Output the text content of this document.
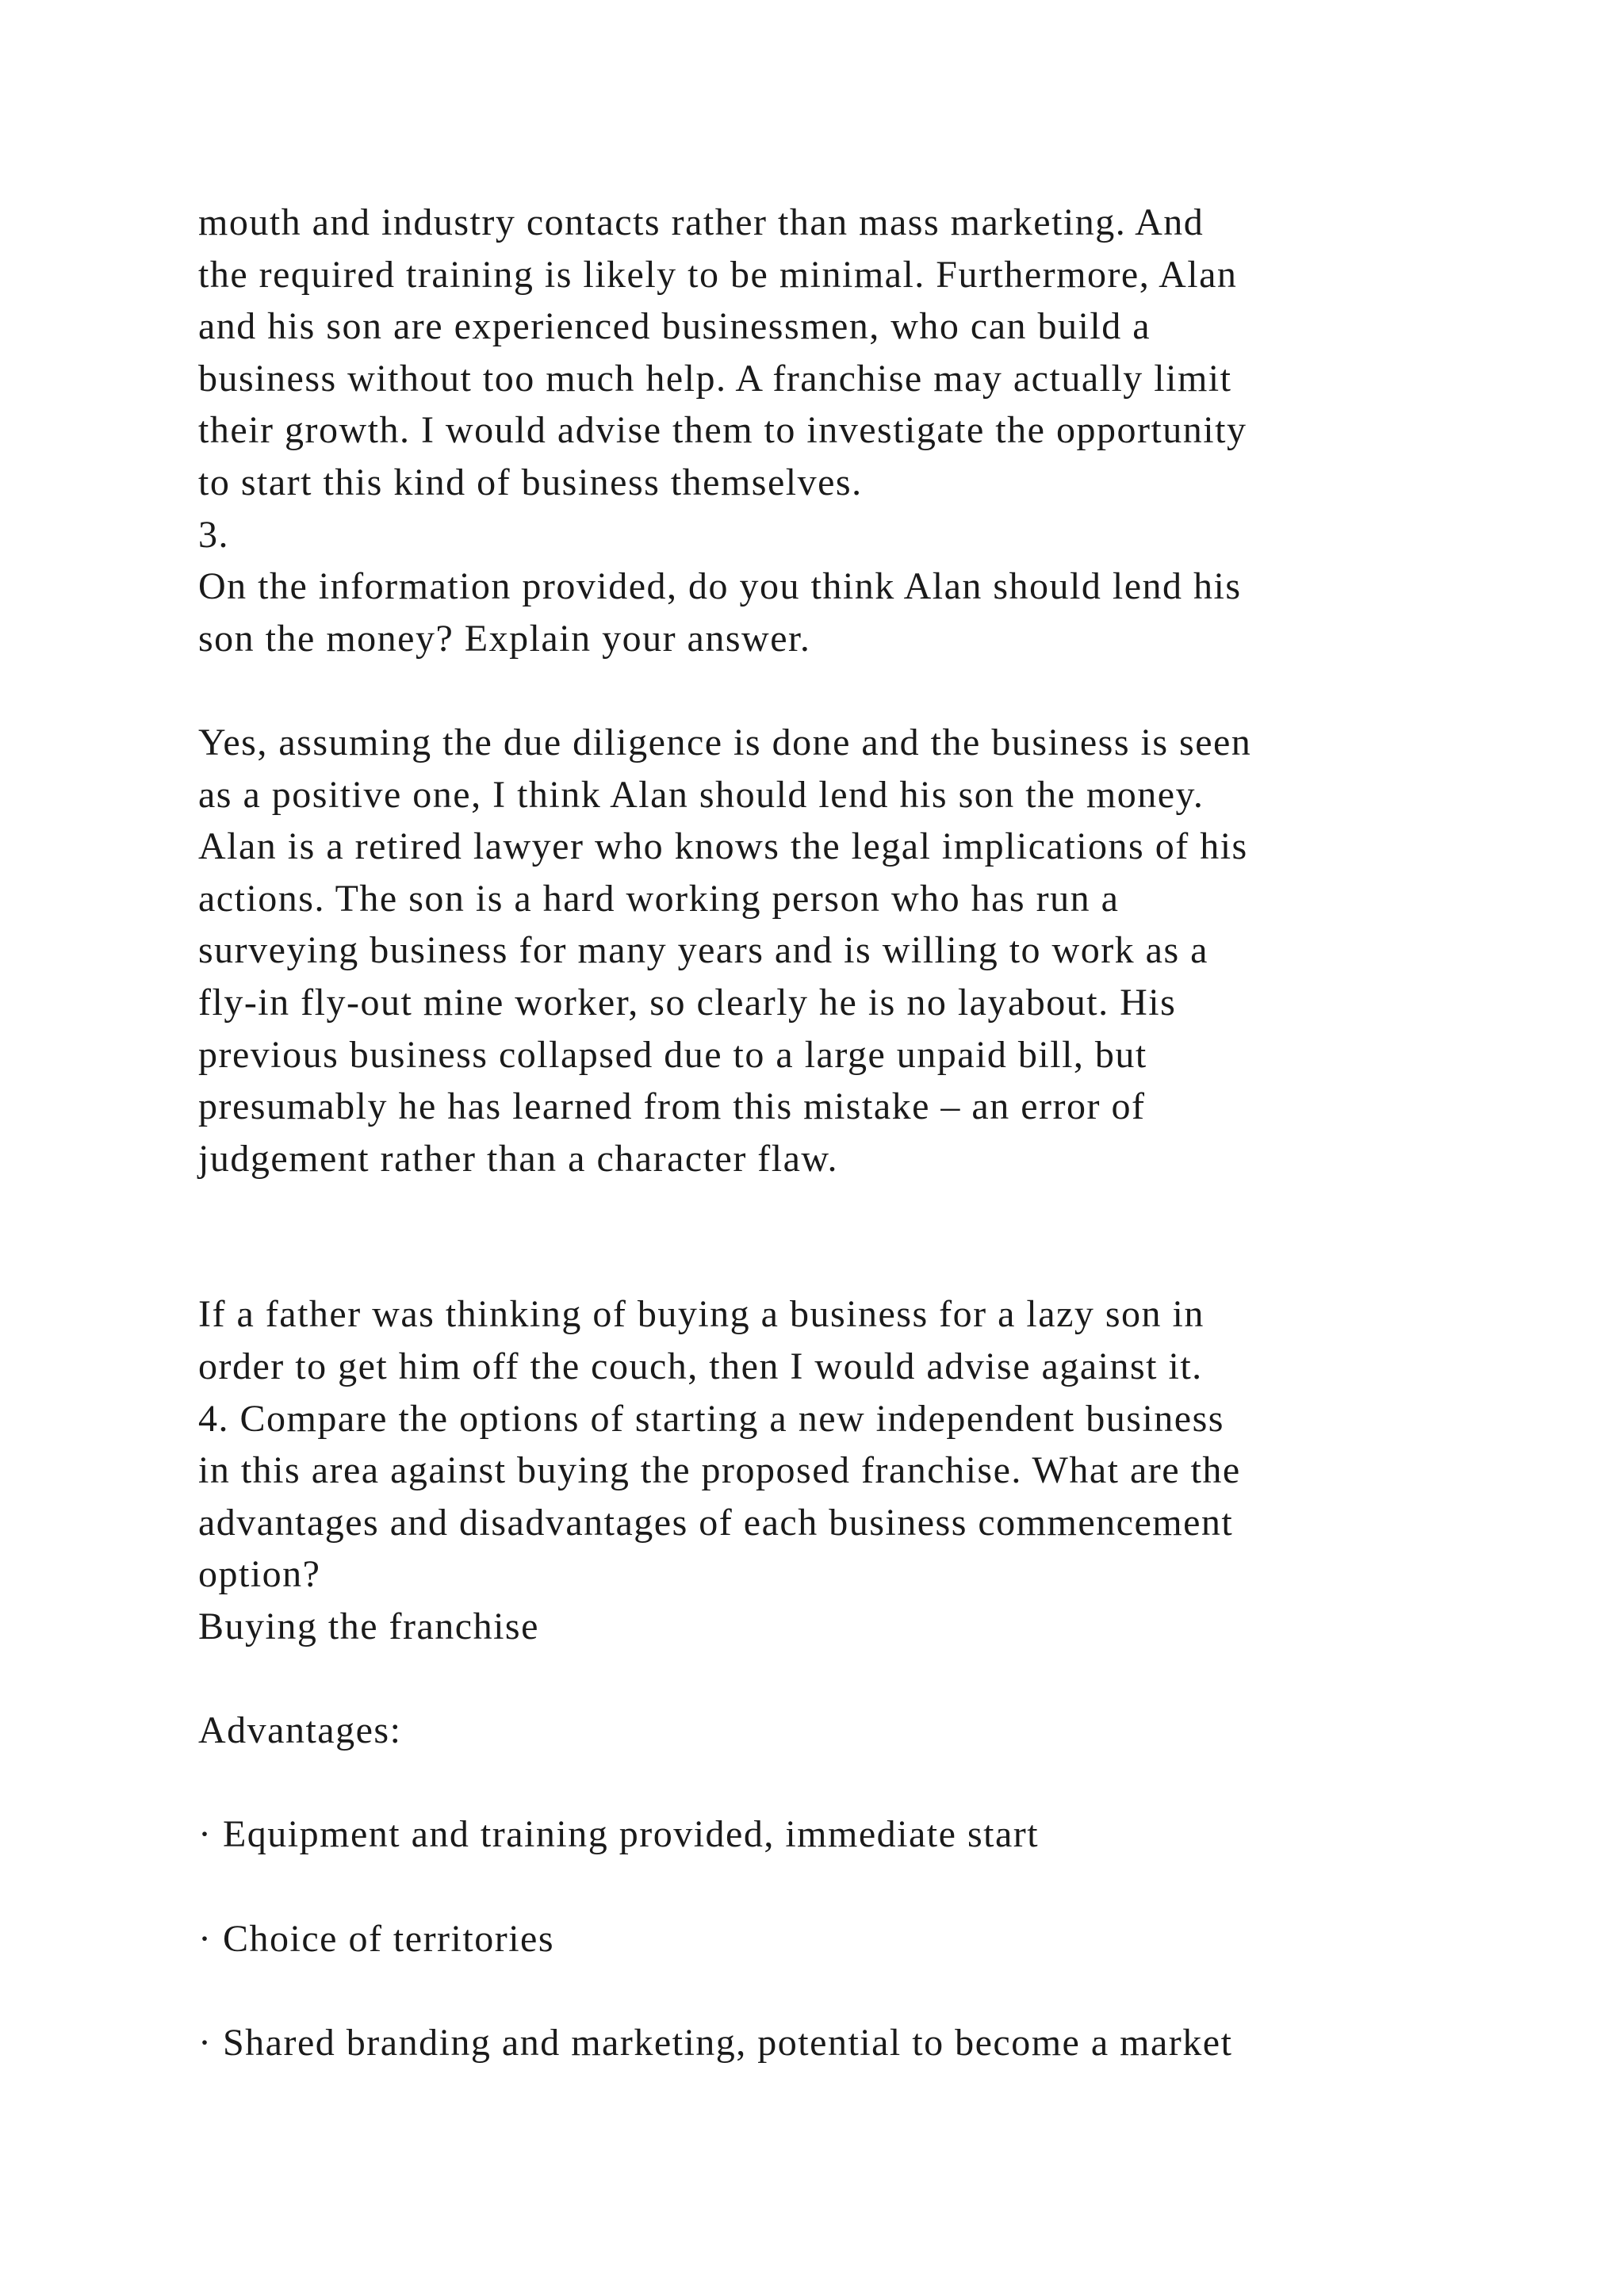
mouth and industry contacts rather than mass marketing. And
the required training is likely to be minimal. Furthermore, Alan
and his son are experienced businessmen, who can build a
business without too much help. A franchise may actually limit
their growth. I would advise them to investigate the opportunity
to start this kind of business themselves.
3.
On the information provided, do you think Alan should lend his
son the money? Explain your answer.
Yes, assuming the due diligence is done and the business is seen
as a positive one, I think Alan should lend his son the money.
Alan is a retired lawyer who knows the legal implications of his
actions. The son is a hard working person who has run a
surveying business for many years and is willing to work as a
fly-in fly-out mine worker, so clearly he is no layabout. His
previous business collapsed due to a large unpaid bill, but
presumably he has learned from this mistake – an error of
judgement rather than a character flaw.
If a father was thinking of buying a business for a lazy son in
order to get him off the couch, then I would advise against it.
4. Compare the options of starting a new independent business
in this area against buying the proposed franchise. What are the
advantages and disadvantages of each business commencement
option?
Buying the franchise
Advantages:
· Equipment and training provided, immediate start
· Choice of territories
· Shared branding and marketing, potential to become a market
